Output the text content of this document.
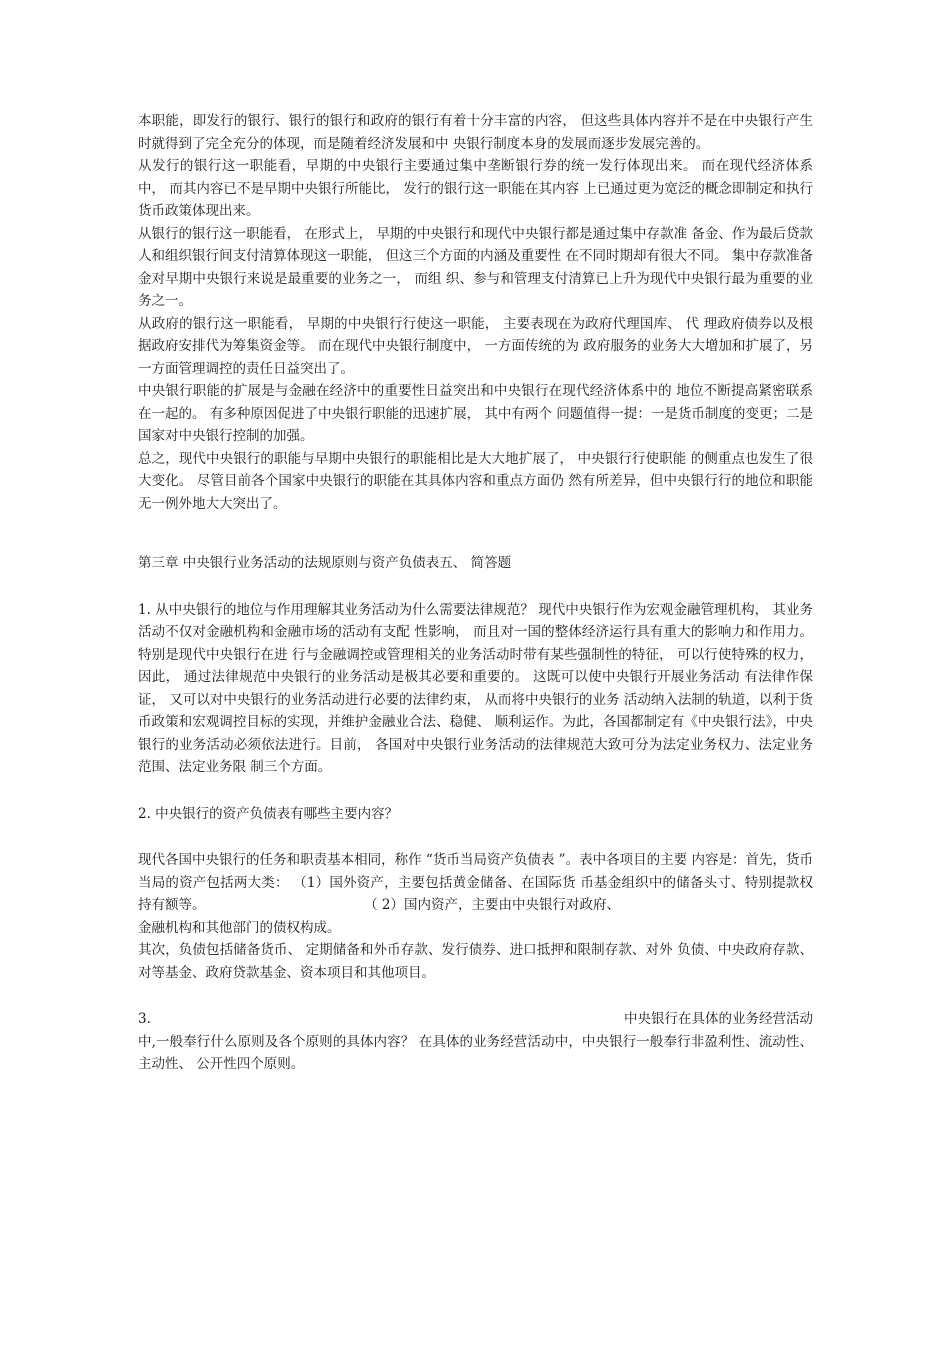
本职能，即发行的银行、银行的银行和政府的银行有着十分丰富的内容， 但这些具体内容并不是在中央银行产生时就得到了完全充分的体现，而是随着经济发展和中 央银行制度本身的发展而逐步发展完善的。

从发行的银行这一职能看，早期的中央银行主要通过集中垄断银行券的统一发行体现出来。 而在现代经济体系中， 而其内容已不是早期中央银行所能比， 发行的银行这一职能在其内容 上已通过更为宽泛的概念即制定和执行货币政策体现出来。

从银行的银行这一职能看， 在形式上， 早期的中央银行和现代中央银行都是通过集中存款准 备金、作为最后贷款人和组织银行间支付清算体现这一职能， 但这三个方面的内涵及重要性 在不同时期却有很大不同。 集中存款准备金对早期中央银行来说是最重要的业务之一， 而组 织、参与和管理支付清算已上升为现代中央银行最为重要的业务之一。

从政府的银行这一职能看， 早期的中央银行行使这一职能， 主要表现在为政府代理国库、 代 理政府债券以及根据政府安排代为筹集资金等。 而在现代中央银行制度中， 一方面传统的为 政府服务的业务大大增加和扩展了，另一方面管理调控的责任日益突出了。

中央银行职能的扩展是与金融在经济中的重要性日益突出和中央银行在现代经济体系中的 地位不断提高紧密联系在一起的。 有多种原因促进了中央银行职能的迅速扩展， 其中有两个 问题值得一提：一是货币制度的变更；二是国家对中央银行控制的加强。

总之，现代中央银行的职能与早期中央银行的职能相比是大大地扩展了， 中央银行行使职能 的侧重点也发生了很大变化。 尽管目前各个国家中央银行的职能在其具体内容和重点方面仍 然有所差异，但中央银行行的地位和职能无一例外地大大突出了。

第三章 中央银行业务活动的法规原则与资产负债表五、 简答题

1. 从中央银行的地位与作用理解其业务活动为什么需要法律规范？ 现代中央银行作为宏观金融管理机构， 其业务活动不仅对金融机构和金融市场的活动有支配 性影响， 而且对一国的整体经济运行具有重大的影响力和作用力。 特别是现代中央银行在进 行与金融调控或管理相关的业务活动时带有某些强制性的特征， 可以行使特殊的权力， 因此， 通过法律规范中央银行的业务活动是极其必要和重要的。 这既可以使中央银行开展业务活动 有法律作保证， 又可以对中央银行的业务活动进行必要的法律约束， 从而将中央银行的业务 活动纳入法制的轨道，以利于货币政策和宏观调控目标的实现，并维护金融业合法、稳健、 顺利运作。为此，各国都制定有《中央银行法》，中央银行的业务活动必须依法进行。目前， 各国对中央银行业务活动的法律规范大致可分为法定业务权力、法定业务范围、法定业务限 制三个方面。

2. 中央银行的资产负债表有哪些主要内容？

现代各国中央银行的任务和职责基本相同，称作 “货币当局资产负债表 ”。表中各项目的主要 内容是：首先，货币当局的资产包括两大类： （1）国外资产，主要包括黄金储备、在国际货 币基金组织中的储备头寸、特别提款权持有额等。	（ 2）国内资产，主要由中央银行对政府、

金融机构和其他部门的债权构成。

其次，负债包括储备货币、 定期储备和外币存款、发行债券、进口抵押和限制存款、对外 负债、中央政府存款、对等基金、政府贷款基金、资本项目和其他项目。

3.	中央银行在具体的业务经营活动

中,一般奉行什么原则及各个原则的具体内容？ 在具体的业务经营活动中，中央银行一般奉行非盈利性、流动性、 主动性、 公开性四个原则。
